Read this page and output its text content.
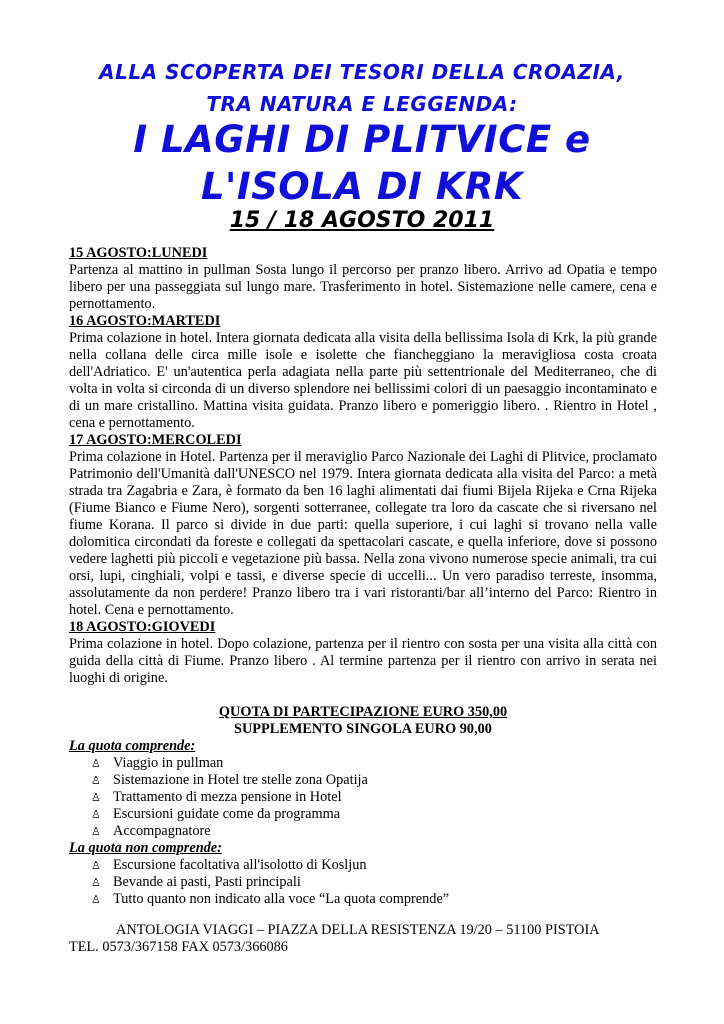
ALLA SCOPERTA DEI TESORI DELLA CROAZIA,
TRA NATURA E LEGGENDA:
I LAGHI DI PLITVICE e
L'ISOLA DI KRK
15 / 18 AGOSTO 2011
15 AGOSTO:LUNEDI
Partenza al mattino in pullman Sosta lungo il percorso per pranzo libero. Arrivo ad Opatia e tempo libero per una passeggiata sul lungo mare. Trasferimento in hotel. Sistemazione nelle camere, cena e pernottamento.
16 AGOSTO:MARTEDI
Prima colazione in hotel. Intera giornata dedicata alla visita della bellissima Isola di Krk, la più grande nella collana delle circa mille isole e isolette che fiancheggiano la meravigliosa costa croata dell'Adriatico. E' un'autentica perla adagiata nella parte più settentrionale del Mediterraneo, che di volta in volta si circonda di un diverso splendore nei bellissimi colori di un paesaggio incontaminato e di un mare cristallino. Mattina visita guidata. Pranzo libero e pomeriggio libero. . Rientro in Hotel , cena e pernottamento.
17 AGOSTO:MERCOLEDI
Prima colazione in Hotel. Partenza per il meraviglio Parco Nazionale dei Laghi di Plitvice, proclamato Patrimonio dell'Umanità dall'UNESCO nel 1979. Intera giornata dedicata alla visita del Parco: a metà strada tra Zagabria e Zara, è formato da ben 16 laghi alimentati dai fiumi Bijela Rijeka e Crna Rijeka (Fiume Bianco e Fiume Nero), sorgenti sotterranee, collegate tra loro da cascate che si riversano nel fiume Korana. Il parco si divide in due parti: quella superiore, i cui laghi si trovano nella valle dolomitica circondati da foreste e collegati da spettacolari cascate, e quella inferiore, dove si possono vedere laghetti più piccoli e vegetazione più bassa. Nella zona vivono numerose specie animali, tra cui orsi, lupi, cinghiali, volpi e tassi, e diverse specie di uccelli... Un vero paradiso terreste, insomma, assolutamente da non perdere! Pranzo libero tra i vari ristoranti/bar all’interno del Parco: Rientro in hotel. Cena e pernottamento.
18 AGOSTO:GIOVEDI
Prima colazione in hotel. Dopo colazione, partenza per il rientro con sosta per una visita alla città con guida della città di Fiume. Pranzo libero . Al termine partenza per il rientro con arrivo in serata nei luoghi di origine.
QUOTA DI PARTECIPAZIONE EURO 350,00
SUPPLEMENTO SINGOLA EURO 90,00
La quota comprende:
♙ Viaggio in pullman
♙ Sistemazione in Hotel tre stelle zona Opatija
♙ Trattamento di mezza pensione in Hotel
♙ Escursioni guidate come da programma
♙ Accompagnatore
La quota non comprende:
♙ Escursione facoltativa all'isolotto di Kosljun
♙ Bevande ai pasti, Pasti principali
♙ Tutto quanto non indicato alla voce “La quota comprende”
ANTOLOGIA VIAGGI – PIAZZA DELLA RESISTENZA 19/20 – 51100 PISTOIA
TEL. 0573/367158 FAX 0573/366086
